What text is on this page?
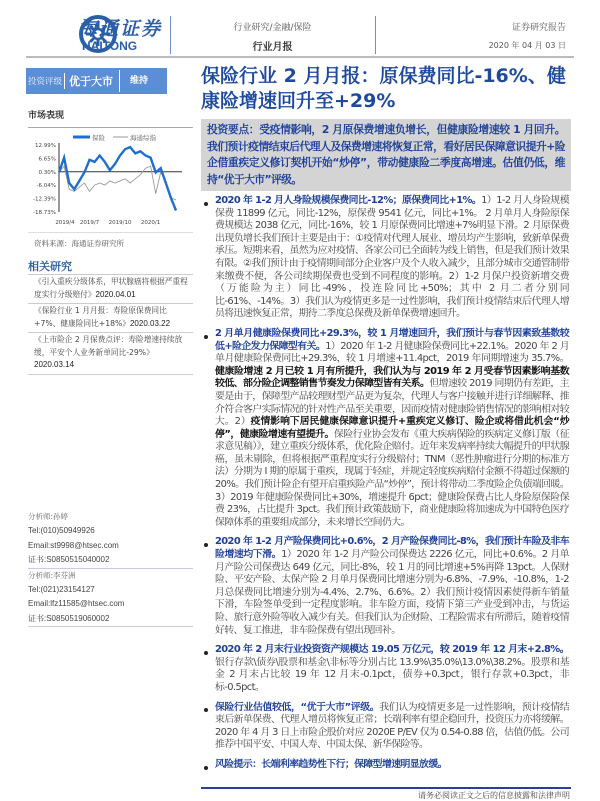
海通证券
HAITONG
行业研究/金融/保险
行业月报
证券研究报告
2020 年 04 月 03 日
投资评级 优于大市	维持
市场表现
保险	海通综指
12.99%
6.65%
0.30%
-6.04%
-12.39%
-18.73%
2019/4 2019/7 2019/10 2020/1
资料来源：海通证券研究所
相关研究
《引入重疾分级体系，甲状腺癌将根据严重程度实行分级赔付》2020.04.01
《保险行业 1 月月报：寿险原保费同比+7%、健康险同比+18%》2020.03.22
《上市险企 2 月保费点评：寿险增速持续放缓，平安个人业务新单同比-29%》
2020.03.14
分析师:孙婷
Tel:(010)50949926
Email:st9998@htsec.com
证书:S0850515040002
分析师:李芬洲
Tel:(021)23154127
Email:lfz11585@htsec.com
证书:S0850519060002
保险行业 2 月月报：原保费同比-16%、健康险增速回升至+29%
投资要点：受疫情影响，2 月原保费增速负增长，但健康险增速较 1 月回升。我们预计疫情结束后代理人及保费增速将恢复正常，看好居民保障意识提升+险企借重疾定义修订契机开始“炒停”，带动健康险二季度高增速。估值仍低，维持“优于大市”评级。
2020 年 1-2 月人身险规模保费同比-12%；原保费同比+1%。1）1-2 月人身险规模保费 11899 亿元，同比-12%，原保费 9541 亿元，同比+1%。 2 月单月人身险原保费规模达 2038 亿元，同比-16%，较 1 月原保费同比增速+7%明显下滑。2 月原保费出现负增长我们预计主要是由于：①疫情对代理人展业、增员均产生影响，致新单保费承压。短期来看，虽然为应对疫情、各家公司已全面转为线上销售，但是我们预计效果有限。②我们预计由于疫情期间部分企业客户及个人收入减少，且部分城市交通管制带来缴费不便，各公司续期保费也受到不同程度的影响。2）1-2 月保户投资新增交费（万能险为主）同比-49%，投连险同比+50%；其中 2 月二者分别同比-61%、-14%。3）我们认为疫情更多是一过性影响，我们预计疫情结束后代理人增员将迅速恢复正常，期待二季度总保费及新单保费增速回升。
2 月单月健康险保费同比+29.3%，较 1 月增速回升，我们预计与春节因素致基数较低+险企发力保障型有关。1）2020 年 1-2 月健康险保费同比+22.1%。2020 年 2 月单月健康险保费同比+29.3%，较 1 月增速+11.4pct，2019 年同期增速为 35.7%。健康险增速 2 月已较 1 月有所提升，我们认为与 2019 年 2 月受春节因素影响基数较低、部分险企调整销售节奏发力保障型皆有关系。但增速较 2019 同期仍有差距，主要是由于，保障型产品较理财型产品更为复杂，代理人与客户接触并进行详细解释、推介符合客户实际情况的针对性产品至关重要，因而疫情对健康险销售情况的影响相对较大。2）疫情影响下居民健康保障意识提升+重疾定义修订、险企或将借此机会“炒停”，健康险增速有望提升。保险行业协会发布《重大疾病保险的疾病定义修订版（征求意见稿）》，建立重疾分级体系，优化险企赔付。近年来发病率持续大幅提升的甲状腺癌，虽未剔除，但将根据严重程度实行分级赔付；TNM（恶性肿瘤进行分期的标准方法）分期为 I 期的原属于重疾，现属于轻症，并规定轻度疾病赔付金额不得超过保额的 20%。我们预计险企有望开启重疾险产品“炒停”，预计将带动二季度险企负债端回暖。3）2019 年健康险保费同比+30%，增速提升 6pct；健康险保费占比人身险原保险保费 23%，占比提升 3pct。我们预计政策鼓励下，商业健康险将加速成为中国特色医疗保障体系的重要组成部分，未来增长空间仍大。
2020 年 1-2 月产险保费同比+0.6%，2 月产险保费同比-8%，我们预计车险及非车险增速均下滑。1）2020 年 1-2 月产险公司保费达 2226 亿元，同比+0.6%。2 月单月产险公司保费达 649 亿元，同比-8%，较 1 月的同比增速+5%再降 13pct。人保财险、平安产险、太保产险 2 月单月保费同比增速分别为-6.8%、-7.9%、-10.8%，1-2 月总保费同比增速分别为-4.4%、2.7%、6.6%。2）我们预计疫情因素使得新车销量下滑，车险签单受到一定程度影响。非车险方面，疫情下第三产业受到冲击，与货运险、旅行意外险等收入减少有关。但我们认为企财险、工程险需求有所滞后，随着疫情好转、复工推进，非车险保费有望出现回补。
2020 年 2 月末行业投资资产规模达 19.05 万亿元，较 2019 年 12 月末+2.8%。银行存款\债券\股票和基金\非标等分别占比 13.9%\35.0%\13.0%\38.2%。股票和基金 2 月末占比较 19 年 12 月末-0.1pct，债券+0.3pct，银行存款+0.3pct，非标-0.5pct。
保险行业估值较低，“优于大市”评级。我们认为疫情更多是一过性影响，预计疫情结束后新单保费、代理人增员将恢复正常；长端利率有望企稳回升，投资压力亦将缓解。2020 年 4 月 3 日上市险企股价对应 2020E P/EV 仅为 0.54-0.88 倍，估值仍低。公司推荐中国平安、中国人寿、中国太保、新华保险等。
风险提示：长端利率趋势性下行；保障型增速明显放缓。
请务必阅读正文之后的信息披露和法律声明
